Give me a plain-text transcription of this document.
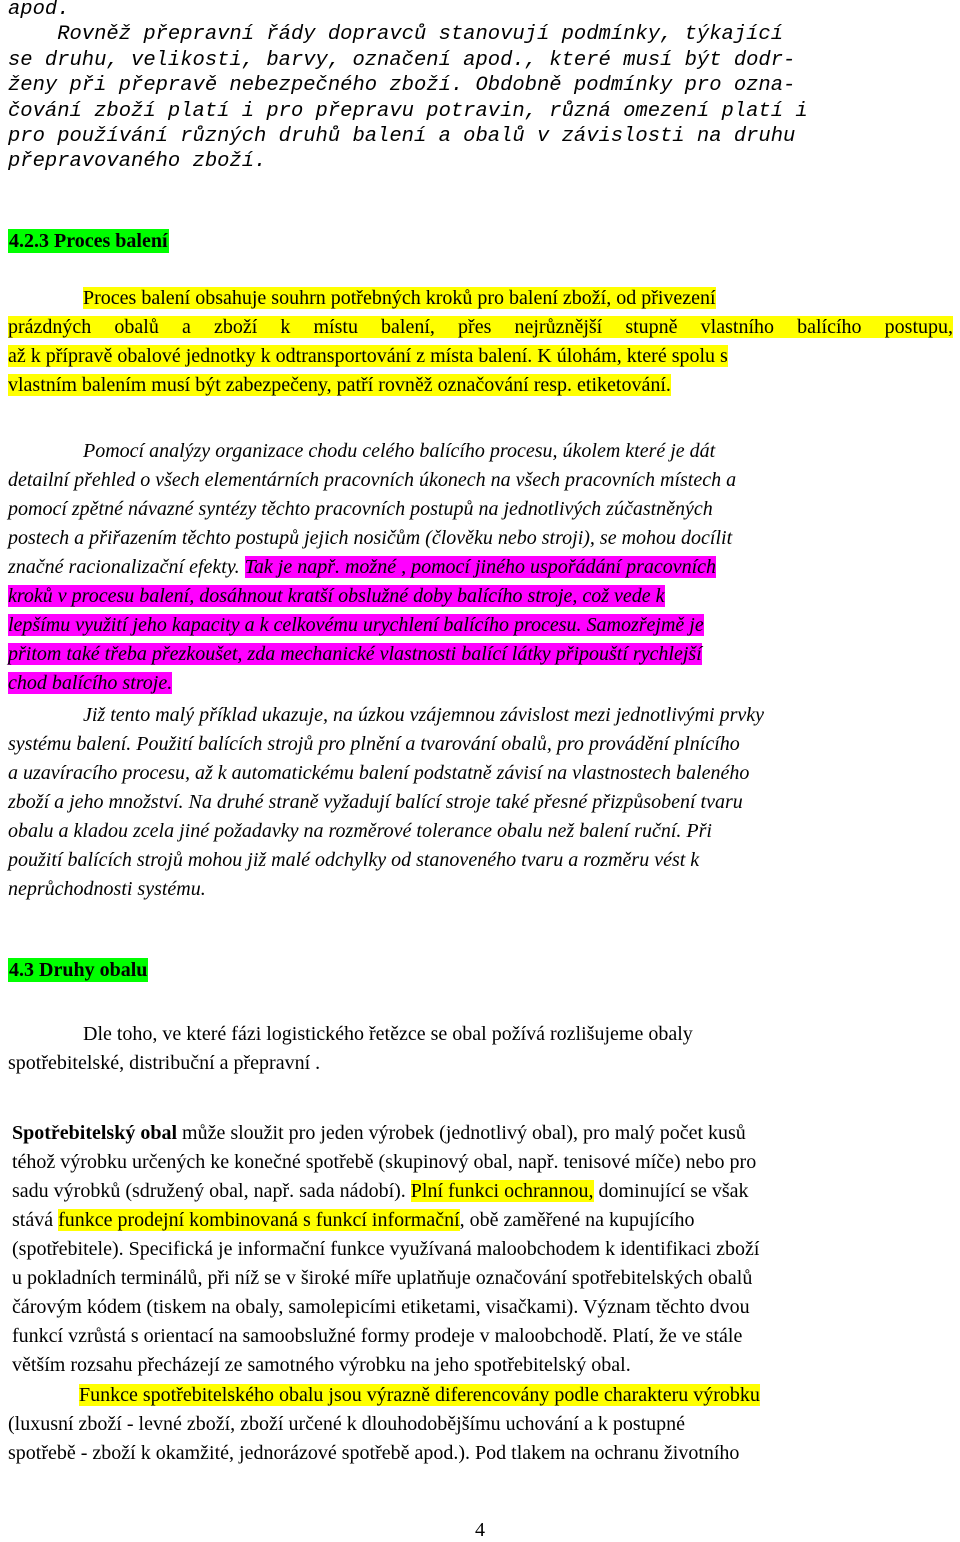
apod.
Rovněž přepravní řády dopravců stanovují podmínky, týkající
se druhu, velikosti, barvy, označení apod., které musí být dodr-
ženy při přepravě nebezpečného zboží. Obdobně podmínky pro ozna-
čování zboží platí i pro přepravu potravin, různá omezení platí i
pro používání různých druhů balení a obalů v závislosti na druhu
přepravovaného zboží.
4.2.3 Proces balení
Proces balení obsahuje souhrn potřebných kroků pro balení zboží, od přivezení
prázdných obalů a zboží k místu balení, přes nejrůznější stupně vlastního balícího postupu,
až k přípravě obalové jednotky k odtransportování z místa balení. K úlohám, které spolu s
vlastním balením musí být zabezpečeny, patří rovněž označování resp. etiketování.
Pomocí analýzy organizace chodu celého balícího procesu, úkolem které je dát
detailní přehled o všech elementárních pracovních úkonech na všech pracovních místech a
pomocí zpětné návazné syntézy těchto pracovních postupů na jednotlivých zúčastněných
postech a přiřazením těchto postupů jejich nosičům (člověku nebo stroji), se mohou docílit
značné racionalizační efekty. Tak je např. možné , pomocí jiného uspořádání pracovních
kroků v procesu balení, dosáhnout kratší obslužné doby balícího stroje, což vede k
lepšímu využití jeho kapacity a k celkovému urychlení balícího procesu. Samozřejmě je
přitom také třeba přezkoušet, zda mechanické vlastnosti balící látky připouští rychlejší
chod balícího stroje.
Již tento malý příklad ukazuje, na úzkou vzájemnou závislost mezi jednotlivými prvky
systému balení. Použití balících strojů pro plnění a tvarování obalů, pro provádění plnícího
a uzavíracího procesu, až k automatickému balení podstatně závisí na vlastnostech baleného
zboží a jeho množství. Na druhé straně vyžadují balící stroje také přesné přizpůsobení tvaru
obalu a kladou zcela jiné požadavky na rozměrové tolerance obalu než balení ruční. Při
použití balících strojů mohou již malé odchylky od stanoveného tvaru a rozměru vést k
neprůchodnosti systému.
4.3 Druhy obalu
Dle toho, ve které fázi logistického řetězce se obal požívá rozlišujeme obaly
spotřebitelské, distribuční a přepravní .
Spotřebitelský obal může sloužit pro jeden výrobek (jednotlivý obal), pro malý počet kusů
téhož výrobku určených ke konečné spotřebě (skupinový obal, např. tenisové míče) nebo pro
sadu výrobků (sdružený obal, např. sada nádobí). Plní funkci ochrannou, dominující se však
stává funkce prodejní kombinovaná s funkcí informační, obě zaměřené na kupujícího
(spotřebitele). Specifická je informační funkce využívaná maloobchodem k identifikaci zboží
u pokladních terminálů, při níž se v široké míře uplatňuje označování spotřebitelských obalů
čárovým kódem (tiskem na obaly, samolepicími etiketami, visačkami). Význam těchto dvou
funkcí vzrůstá s orientací na samoobslužné formy prodeje v maloobchodě. Platí, že ve stále
větším rozsahu přecházejí ze samotného výrobku na jeho spotřebitelský obal.
Funkce spotřebitelského obalu jsou výrazně diferencovány podle charakteru výrobku
(luxusní zboží - levné zboží, zboží určené k dlouhodobějšímu uchování a k postupné
spotřebě - zboží k okamžité, jednorázové spotřebě apod.). Pod tlakem na ochranu životního
4
